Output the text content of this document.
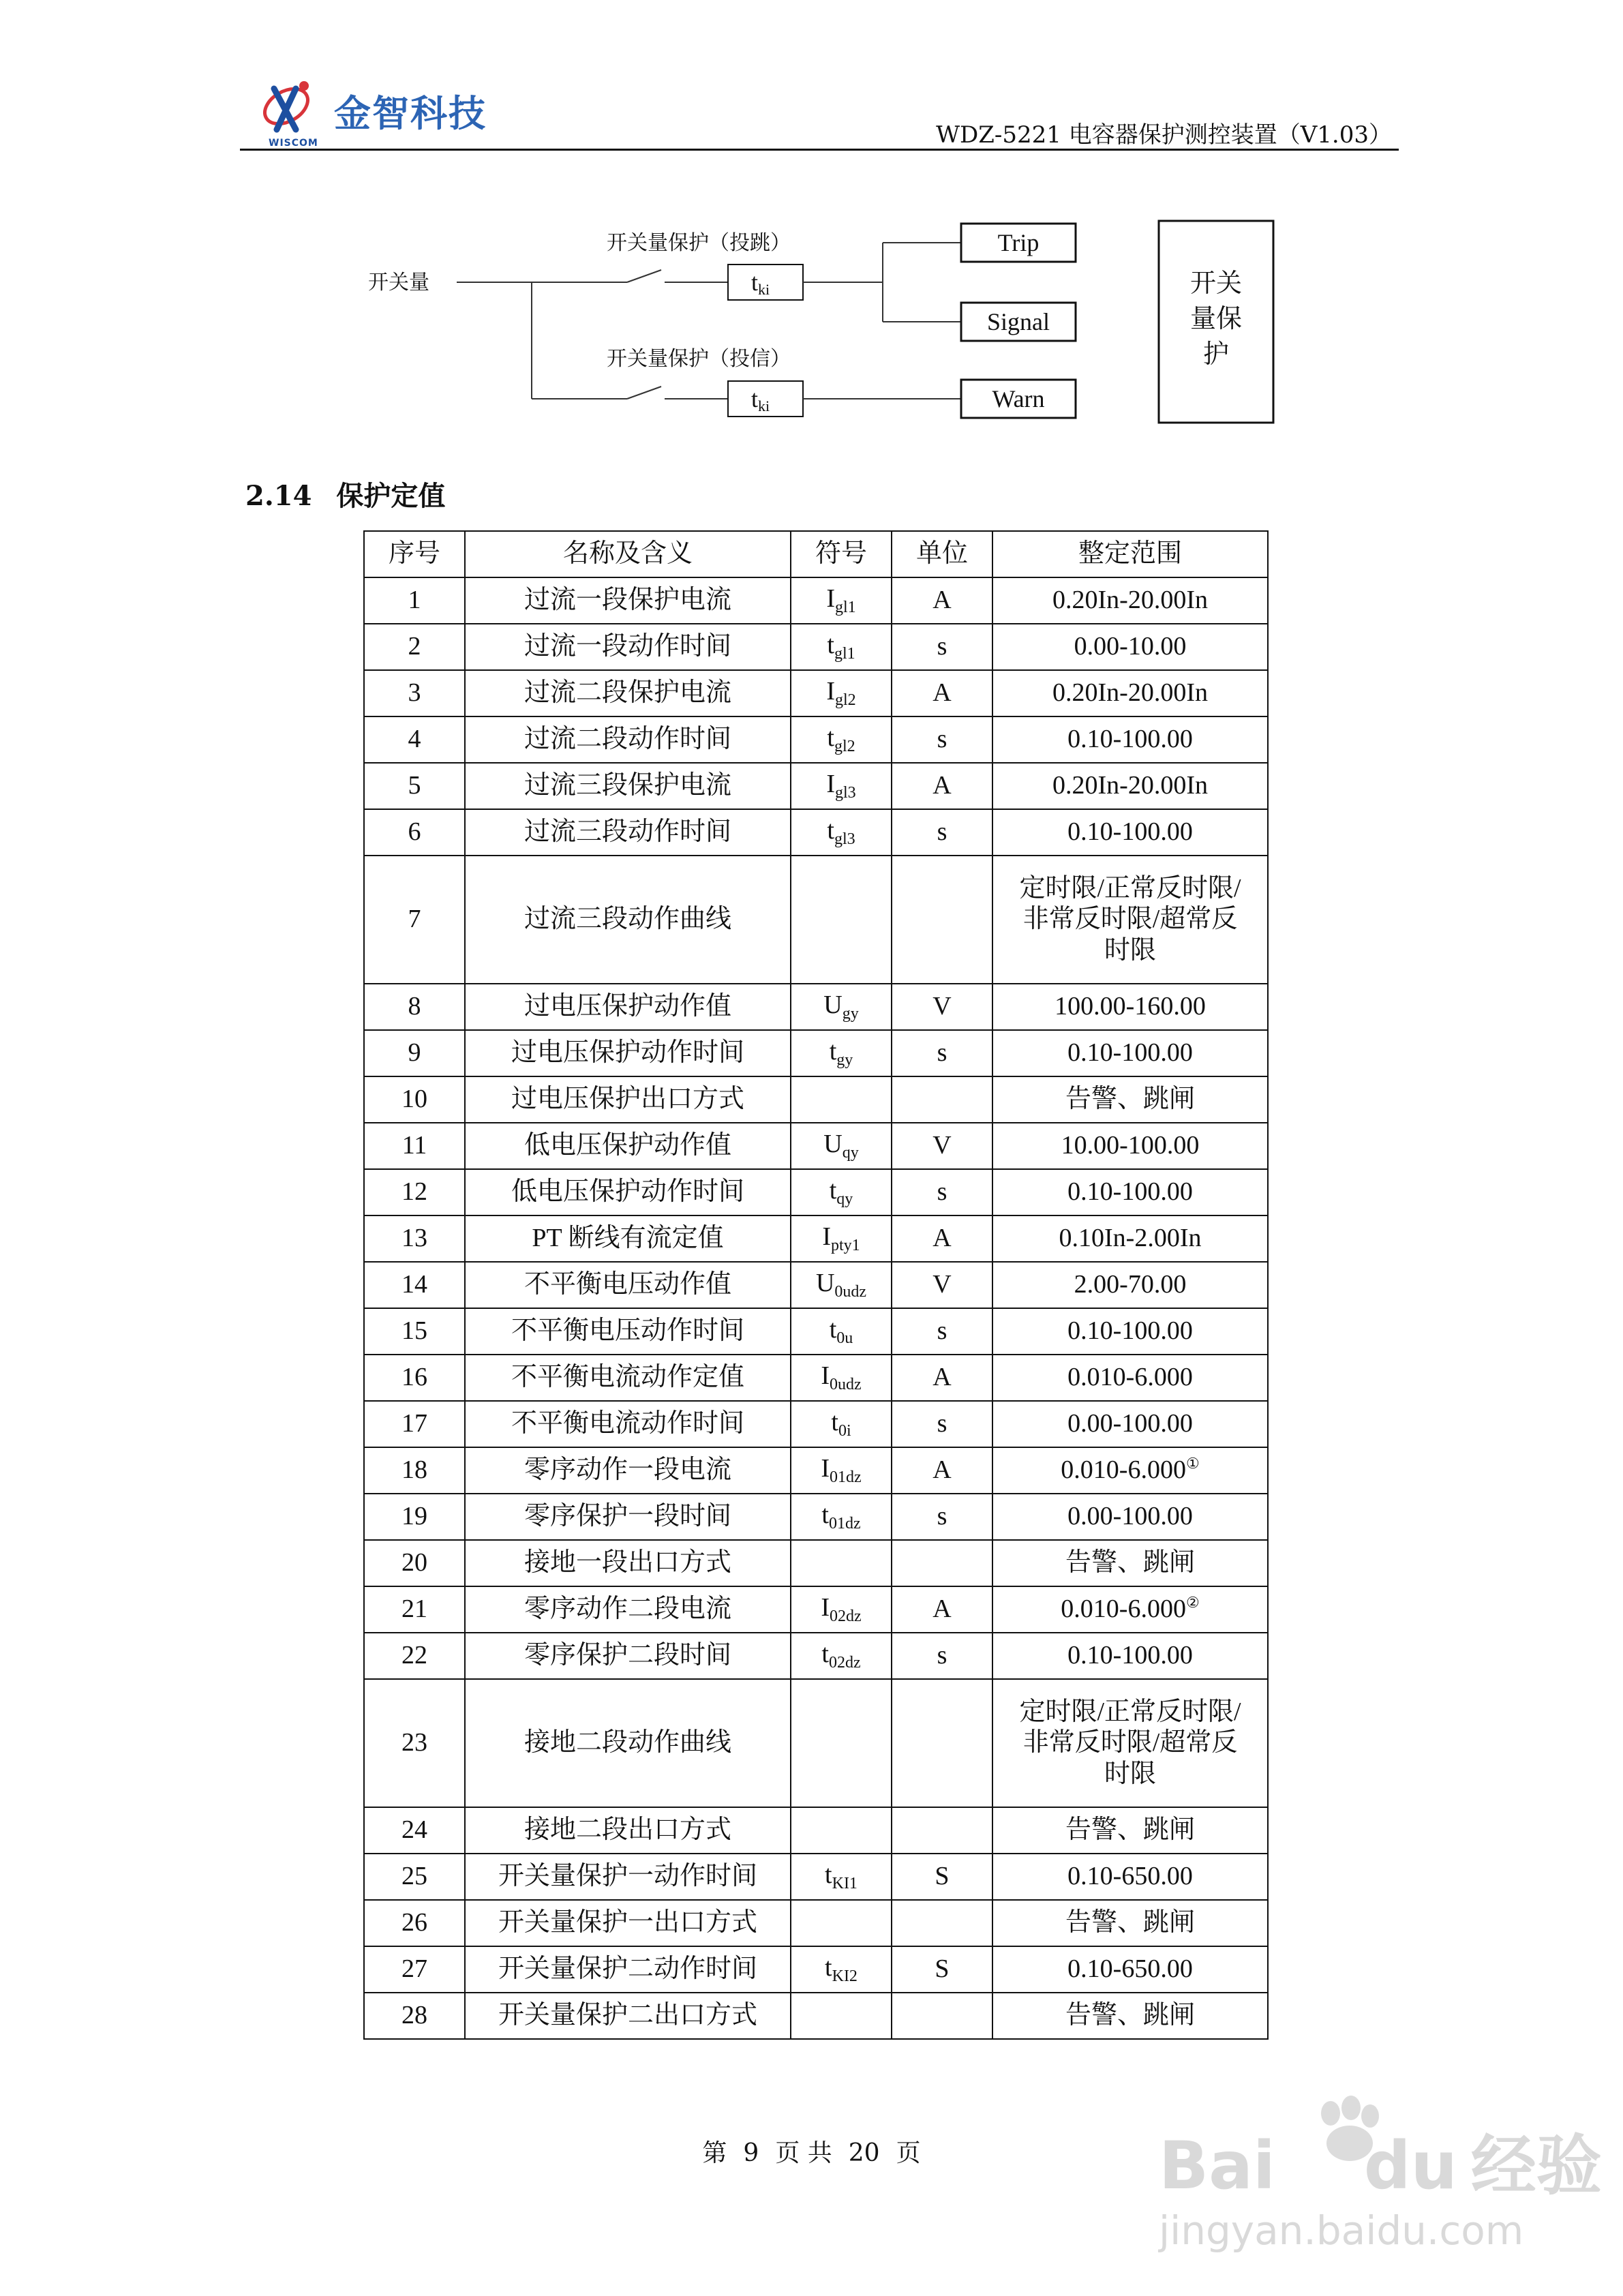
金智科技
WISCOM	WDZ-5221 电容器保护测控装置（V1.03）
开关量
开关量保护（投跳）
tki
Trip
Signal
开关量保护（投信）
tki	Warn
开关
量保
护
2.14 保护定值
序号	名称及含义	符号	单位	整定范围
1	过流一段保护电流	$I_{gl1}$	A	0.20In-20.00In
2	过流一段动作时间	$t_{gl1}$	s	0.00-10.00
3	过流二段保护电流	$I_{gl2}$	A	0.20In-20.00In
4	过流二段动作时间	$t_{gl2}$	s	0.10-100.00
5	过流三段保护电流	$I_{gl3}$	A	0.20In-20.00In
6	过流三段动作时间	$t_{gl3}$	s	0.10-100.00
7	过流三段动作曲线			定时限/正常反时限/
非常反时限/超常反
时限

8	过电压保护动作值	$U_{gy}$	V	100.00-160.00
9	过电压保护动作时间	$t_{gy}$	s	0.10-100.00
10	过电压保护出口方式			告警、跳闸
11	低电压保护动作值	$U_{qy}$	V	10.00-100.00
12	低电压保护动作时间	$t_{qy}$	s	0.10-100.00
13	PT 断线有流定值	$I_{pty1}$	A	0.10In-2.00In
14	不平衡电压动作值	$U_{0udz}$	V	2.00-70.00
15	不平衡电压动作时间	$t_{0u}$	s	0.10-100.00
16	不平衡电流动作定值	$I_{0udz}$	A	0.010-6.000
17	不平衡电流动作时间	$t_{0i}$	s	0.00-100.00
18	零序动作一段电流	$I_{01dz}$	A	0.010-6.000①
19	零序保护一段时间	$t_{01dz}$	s	0.00-100.00
20	接地一段出口方式			告警、跳闸
21	零序动作二段电流	$I_{02dz}$	A	0.010-6.000②
22	零序保护二段时间	$t_{02dz}$	s	0.10-100.00
23	接地二段动作曲线			定时限/正常反时限/
非常反时限/超常反
时限

24	接地二段出口方式			告警、跳闸
25	开关量保护一动作时间	$t_{KI1}$	S	0.10-650.00
26	开关量保护一出口方式			告警、跳闸
27	开关量保护二动作时间	$t_{KI2}$	S	0.10-650.00
28	开关量保护二出口方式			告警、跳闸
第 9 页 共 20 页	Bai du 经验
jingyan.baidu.com
